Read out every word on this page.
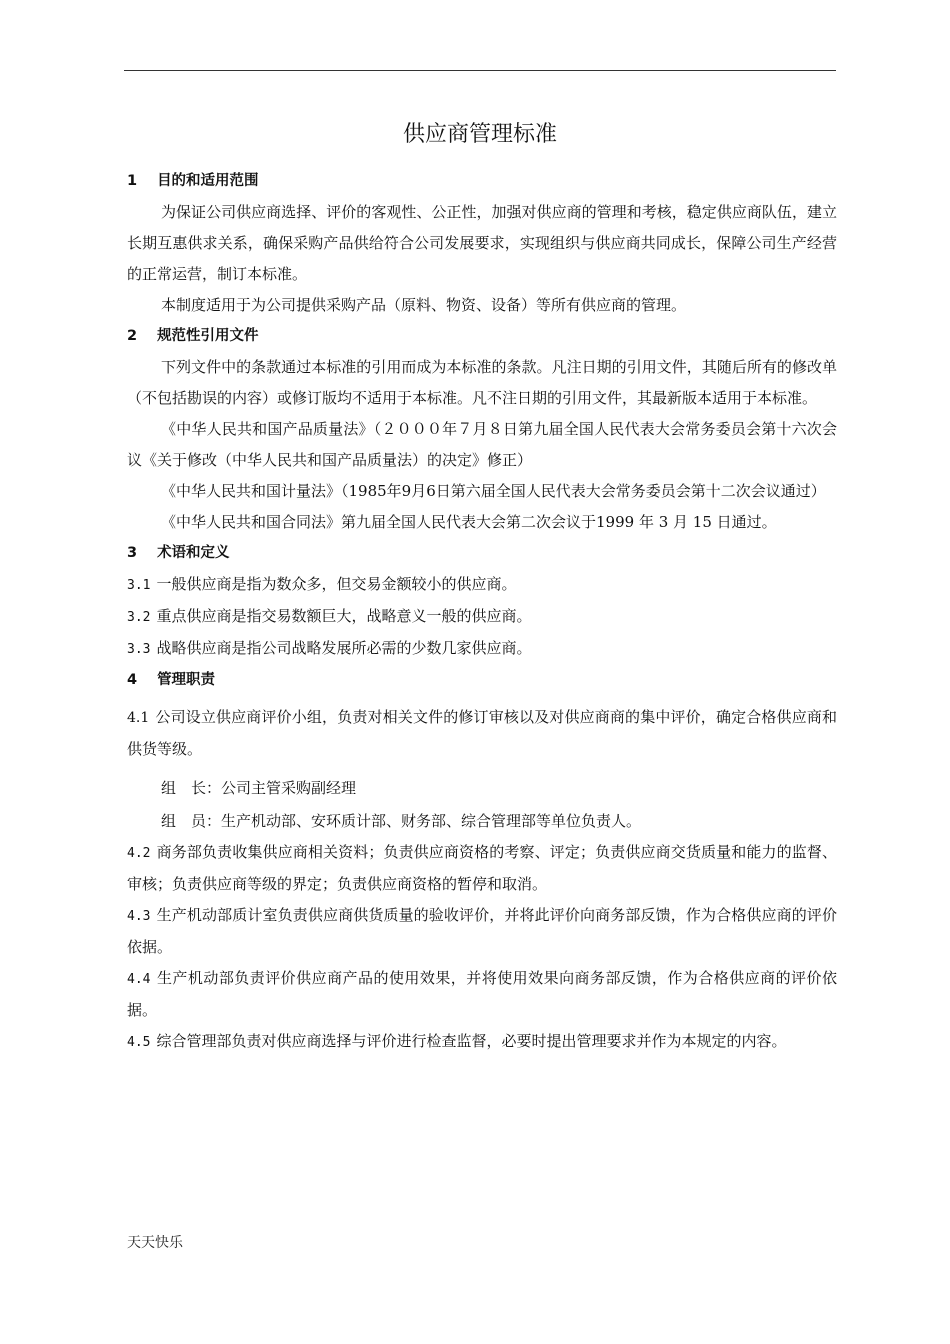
供应商管理标准
1 目的和适用范围

为保证公司供应商选择、评价的客观性、公正性，加强对供应商的管理和考核，稳定供应商队伍，建立长期互惠供求关系，确保采购产品供给符合公司发展要求，实现组织与供应商共同成长，保障公司生产经营的正常运营，制订本标准。

本制度适用于为公司提供采购产品（原料、物资、设备）等所有供应商的管理。

2 规范性引用文件

下列文件中的条款通过本标准的引用而成为本标准的条款。凡注日期的引用文件，其随后所有的修改单（不包括勘误的内容）或修订版均不适用于本标准。凡不注日期的引用文件，其最新版本适用于本标准。

《中华人民共和国产品质量法》（２０００年７月８日第九届全国人民代表大会常务委员会第十六次会议《关于修改（中华人民共和国产品质量法）的决定》修正）

《中华人民共和国计量法》（1985年9月6日第六届全国人民代表大会常务委员会第十二次会议通过）

《中华人民共和国合同法》第九届全国人民代表大会第二次会议于1999 年 3 月 15 日通过。

3 术语和定义

3.1 一般供应商是指为数众多，但交易金额较小的供应商。

3.2 重点供应商是指交易数额巨大，战略意义一般的供应商。

3.3 战略供应商是指公司战略发展所必需的少数几家供应商。

4 管理职责

4.1 公司设立供应商评价小组，负责对相关文件的修订审核以及对供应商商的集中评价，确定合格供应商和供货等级。

组　长：公司主管采购副经理

组　员：生产机动部、安环质计部、财务部、综合管理部等单位负责人。

4.2 商务部负责收集供应商相关资料；负责供应商资格的考察、评定；负责供应商交货质量和能力的监督、审核；负责供应商等级的界定；负责供应商资格的暂停和取消。

4.3 生产机动部质计室负责供应商供货质量的验收评价，并将此评价向商务部反馈，作为合格供应商的评价依据。

4.4 生产机动部负责评价供应商产品的使用效果，并将使用效果向商务部反馈，作为合格供应商的评价依据。

4.5 综合管理部负责对供应商选择与评价进行检查监督，必要时提出管理要求并作为本规定的内容。

天天快乐
